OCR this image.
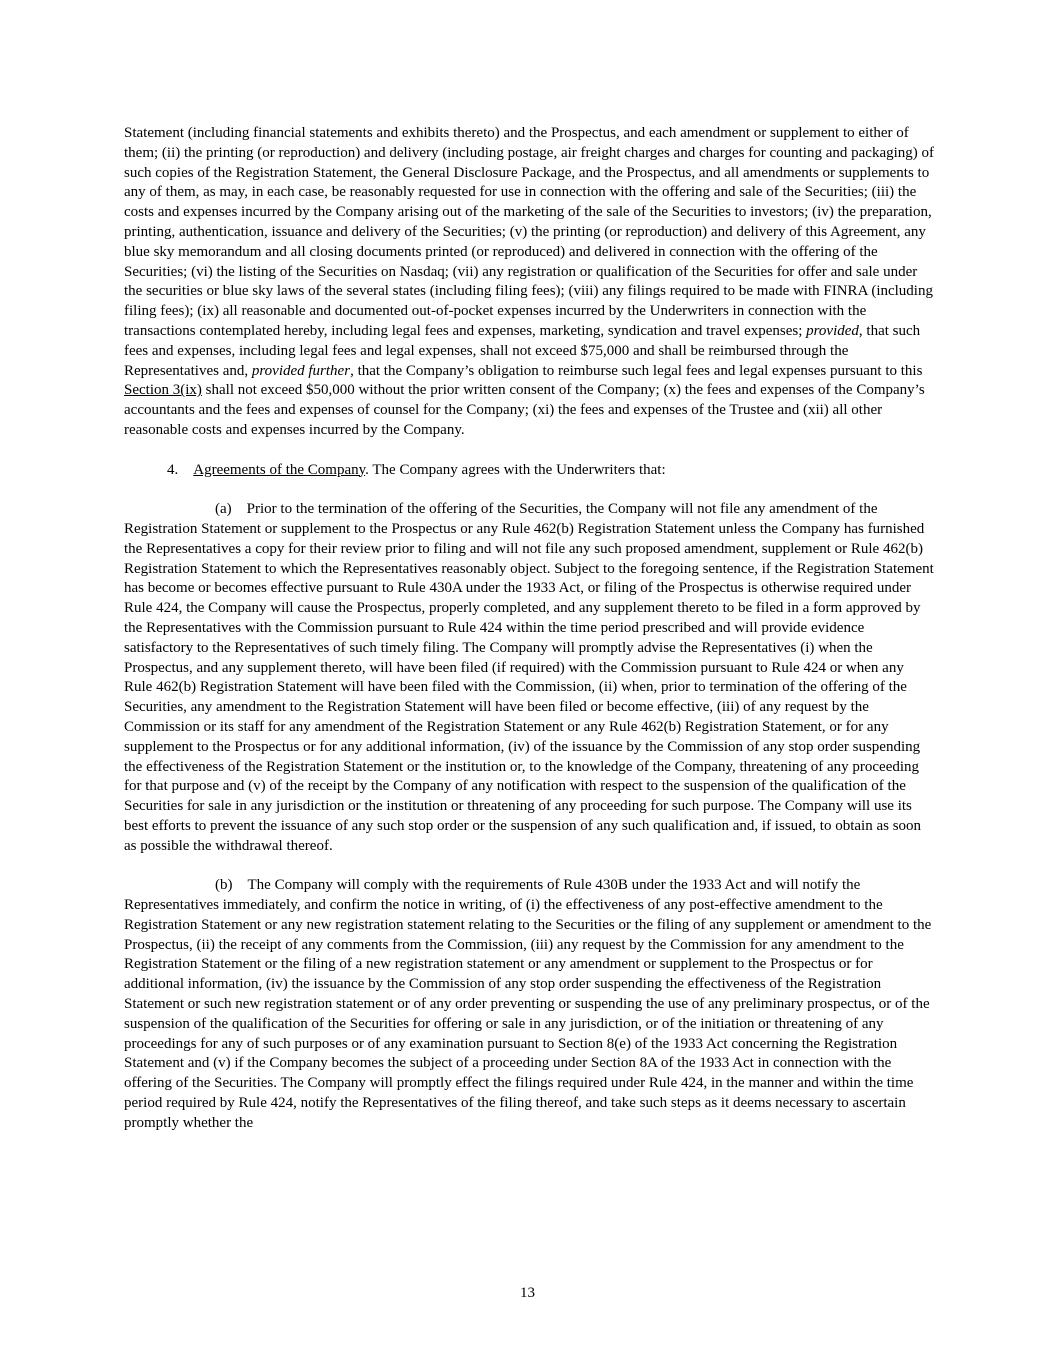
Statement (including financial statements and exhibits thereto) and the Prospectus, and each amendment or supplement to either of them; (ii) the printing (or reproduction) and delivery (including postage, air freight charges and charges for counting and packaging) of such copies of the Registration Statement, the General Disclosure Package, and the Prospectus, and all amendments or supplements to any of them, as may, in each case, be reasonably requested for use in connection with the offering and sale of the Securities; (iii) the costs and expenses incurred by the Company arising out of the marketing of the sale of the Securities to investors; (iv) the preparation, printing, authentication, issuance and delivery of the Securities; (v) the printing (or reproduction) and delivery of this Agreement, any blue sky memorandum and all closing documents printed (or reproduced) and delivered in connection with the offering of the Securities; (vi) the listing of the Securities on Nasdaq; (vii) any registration or qualification of the Securities for offer and sale under the securities or blue sky laws of the several states (including filing fees); (viii) any filings required to be made with FINRA (including filing fees); (ix) all reasonable and documented out-of-pocket expenses incurred by the Underwriters in connection with the transactions contemplated hereby, including legal fees and expenses, marketing, syndication and travel expenses; provided, that such fees and expenses, including legal fees and legal expenses, shall not exceed $75,000 and shall be reimbursed through the Representatives and, provided further, that the Company’s obligation to reimburse such legal fees and legal expenses pursuant to this Section 3(ix) shall not exceed $50,000 without the prior written consent of the Company; (x) the fees and expenses of the Company’s accountants and the fees and expenses of counsel for the Company; (xi) the fees and expenses of the Trustee and (xii) all other reasonable costs and expenses incurred by the Company.

4. Agreements of the Company. The Company agrees with the Underwriters that:

(a) Prior to the termination of the offering of the Securities, the Company will not file any amendment of the Registration Statement or supplement to the Prospectus or any Rule 462(b) Registration Statement unless the Company has furnished the Representatives a copy for their review prior to filing and will not file any such proposed amendment, supplement or Rule 462(b) Registration Statement to which the Representatives reasonably object. Subject to the foregoing sentence, if the Registration Statement has become or becomes effective pursuant to Rule 430A under the 1933 Act, or filing of the Prospectus is otherwise required under Rule 424, the Company will cause the Prospectus, properly completed, and any supplement thereto to be filed in a form approved by the Representatives with the Commission pursuant to Rule 424 within the time period prescribed and will provide evidence satisfactory to the Representatives of such timely filing. The Company will promptly advise the Representatives (i) when the Prospectus, and any supplement thereto, will have been filed (if required) with the Commission pursuant to Rule 424 or when any Rule 462(b) Registration Statement will have been filed with the Commission, (ii) when, prior to termination of the offering of the Securities, any amendment to the Registration Statement will have been filed or become effective, (iii) of any request by the Commission or its staff for any amendment of the Registration Statement or any Rule 462(b) Registration Statement, or for any supplement to the Prospectus or for any additional information, (iv) of the issuance by the Commission of any stop order suspending the effectiveness of the Registration Statement or the institution or, to the knowledge of the Company, threatening of any proceeding for that purpose and (v) of the receipt by the Company of any notification with respect to the suspension of the qualification of the Securities for sale in any jurisdiction or the institution or threatening of any proceeding for such purpose. The Company will use its best efforts to prevent the issuance of any such stop order or the suspension of any such qualification and, if issued, to obtain as soon as possible the withdrawal thereof.

(b) The Company will comply with the requirements of Rule 430B under the 1933 Act and will notify the Representatives immediately, and confirm the notice in writing, of (i) the effectiveness of any post-effective amendment to the Registration Statement or any new registration statement relating to the Securities or the filing of any supplement or amendment to the Prospectus, (ii) the receipt of any comments from the Commission, (iii) any request by the Commission for any amendment to the Registration Statement or the filing of a new registration statement or any amendment or supplement to the Prospectus or for additional information, (iv) the issuance by the Commission of any stop order suspending the effectiveness of the Registration Statement or such new registration statement or of any order preventing or suspending the use of any preliminary prospectus, or of the suspension of the qualification of the Securities for offering or sale in any jurisdiction, or of the initiation or threatening of any proceedings for any of such purposes or of any examination pursuant to Section 8(e) of the 1933 Act concerning the Registration Statement and (v) if the Company becomes the subject of a proceeding under Section 8A of the 1933 Act in connection with the offering of the Securities. The Company will promptly effect the filings required under Rule 424, in the manner and within the time period required by Rule 424, notify the Representatives of the filing thereof, and take such steps as it deems necessary to ascertain promptly whether the

13
